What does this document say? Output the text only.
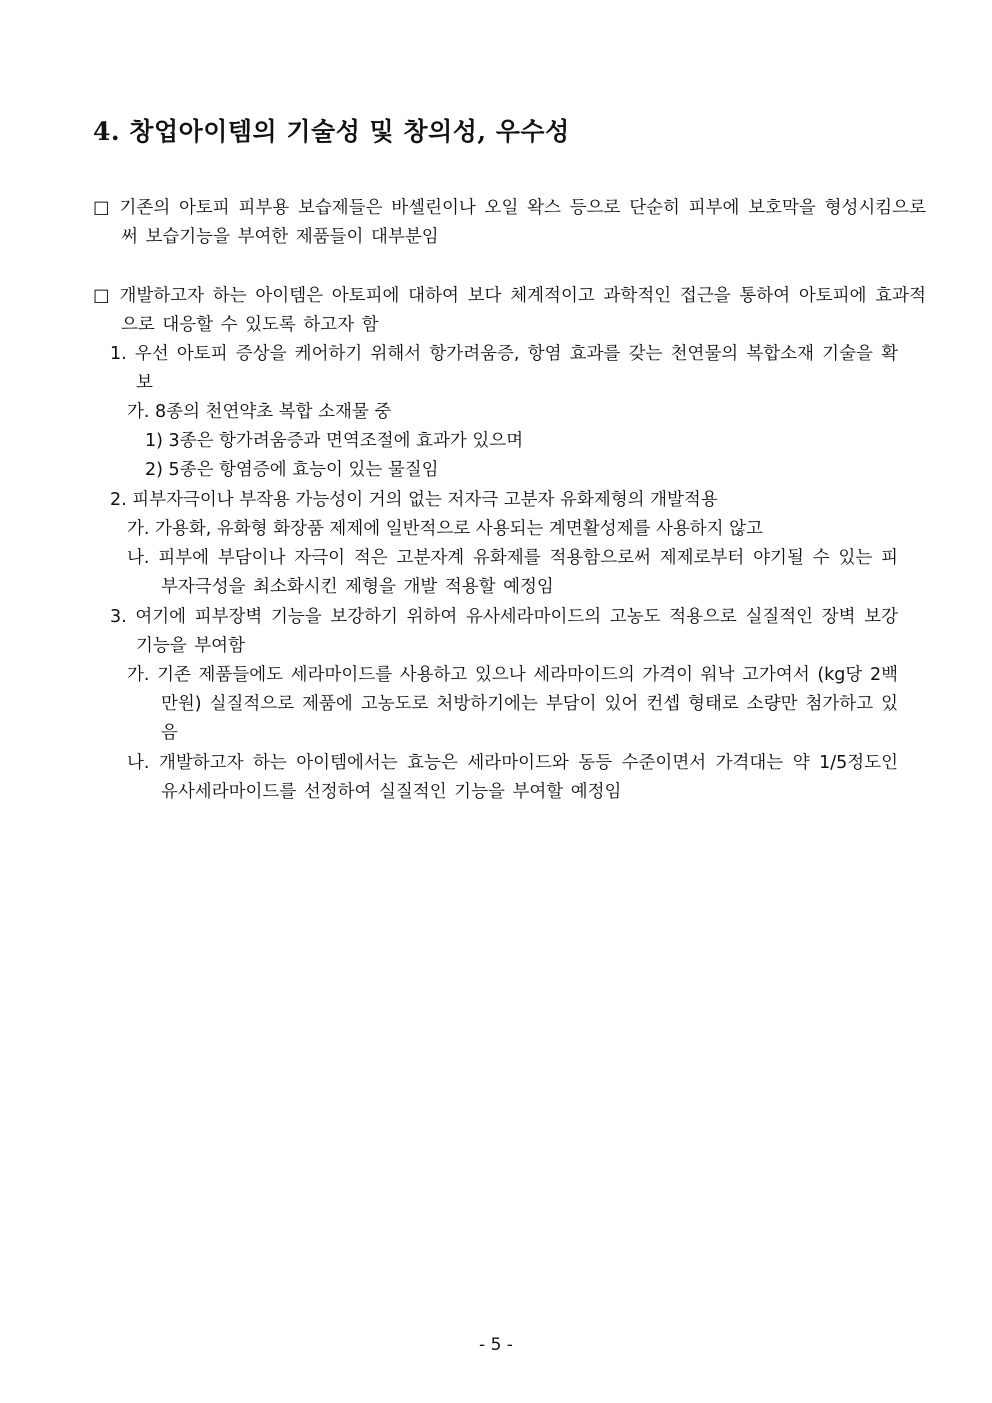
4. 창업아이템의 기술성 및 창의성, 우수성
□ 기존의 아토피 피부용 보습제들은 바셀린이나 오일 왁스 등으로 단순히 피부에 보호막을 형성시킴으로써 보습기능을 부여한 제품들이 대부분임
□ 개발하고자 하는 아이템은 아토피에 대하여 보다 체계적이고 과학적인 접근을 통하여 아토피에 효과적으로 대응할 수 있도록 하고자 함
1. 우선 아토피 증상을 케어하기 위해서 항가려움증, 항염 효과를 갖는 천연물의 복합소재 기술을 확보
가. 8종의 천연약초 복합 소재물 중
1) 3종은 항가려움증과 면역조절에 효과가 있으며
2) 5종은 항염증에 효능이 있는 물질임
2. 피부자극이나 부작용 가능성이 거의 없는 저자극 고분자 유화제형의 개발적용
가. 가용화, 유화형 화장품 제제에 일반적으로 사용되는 계면활성제를 사용하지 않고
나. 피부에 부담이나 자극이 적은 고분자계 유화제를 적용함으로써 제제로부터 야기될 수 있는 피부자극성을 최소화시킨 제형을 개발 적용할 예정임
3. 여기에 피부장벽 기능을 보강하기 위하여 유사세라마이드의 고농도 적용으로 실질적인 장벽 보강기능을 부여함
가. 기존 제품들에도 세라마이드를 사용하고 있으나 세라마이드의 가격이 워낙 고가여서 (kg당 2백만원) 실질적으로 제품에 고농도로 처방하기에는 부담이 있어 컨셉 형태로 소량만 첨가하고 있음
나. 개발하고자 하는 아이템에서는 효능은 세라마이드와 동등 수준이면서 가격대는 약 1/5정도인 유사세라마이드를 선정하여 실질적인 기능을 부여할 예정임
- 5 -
